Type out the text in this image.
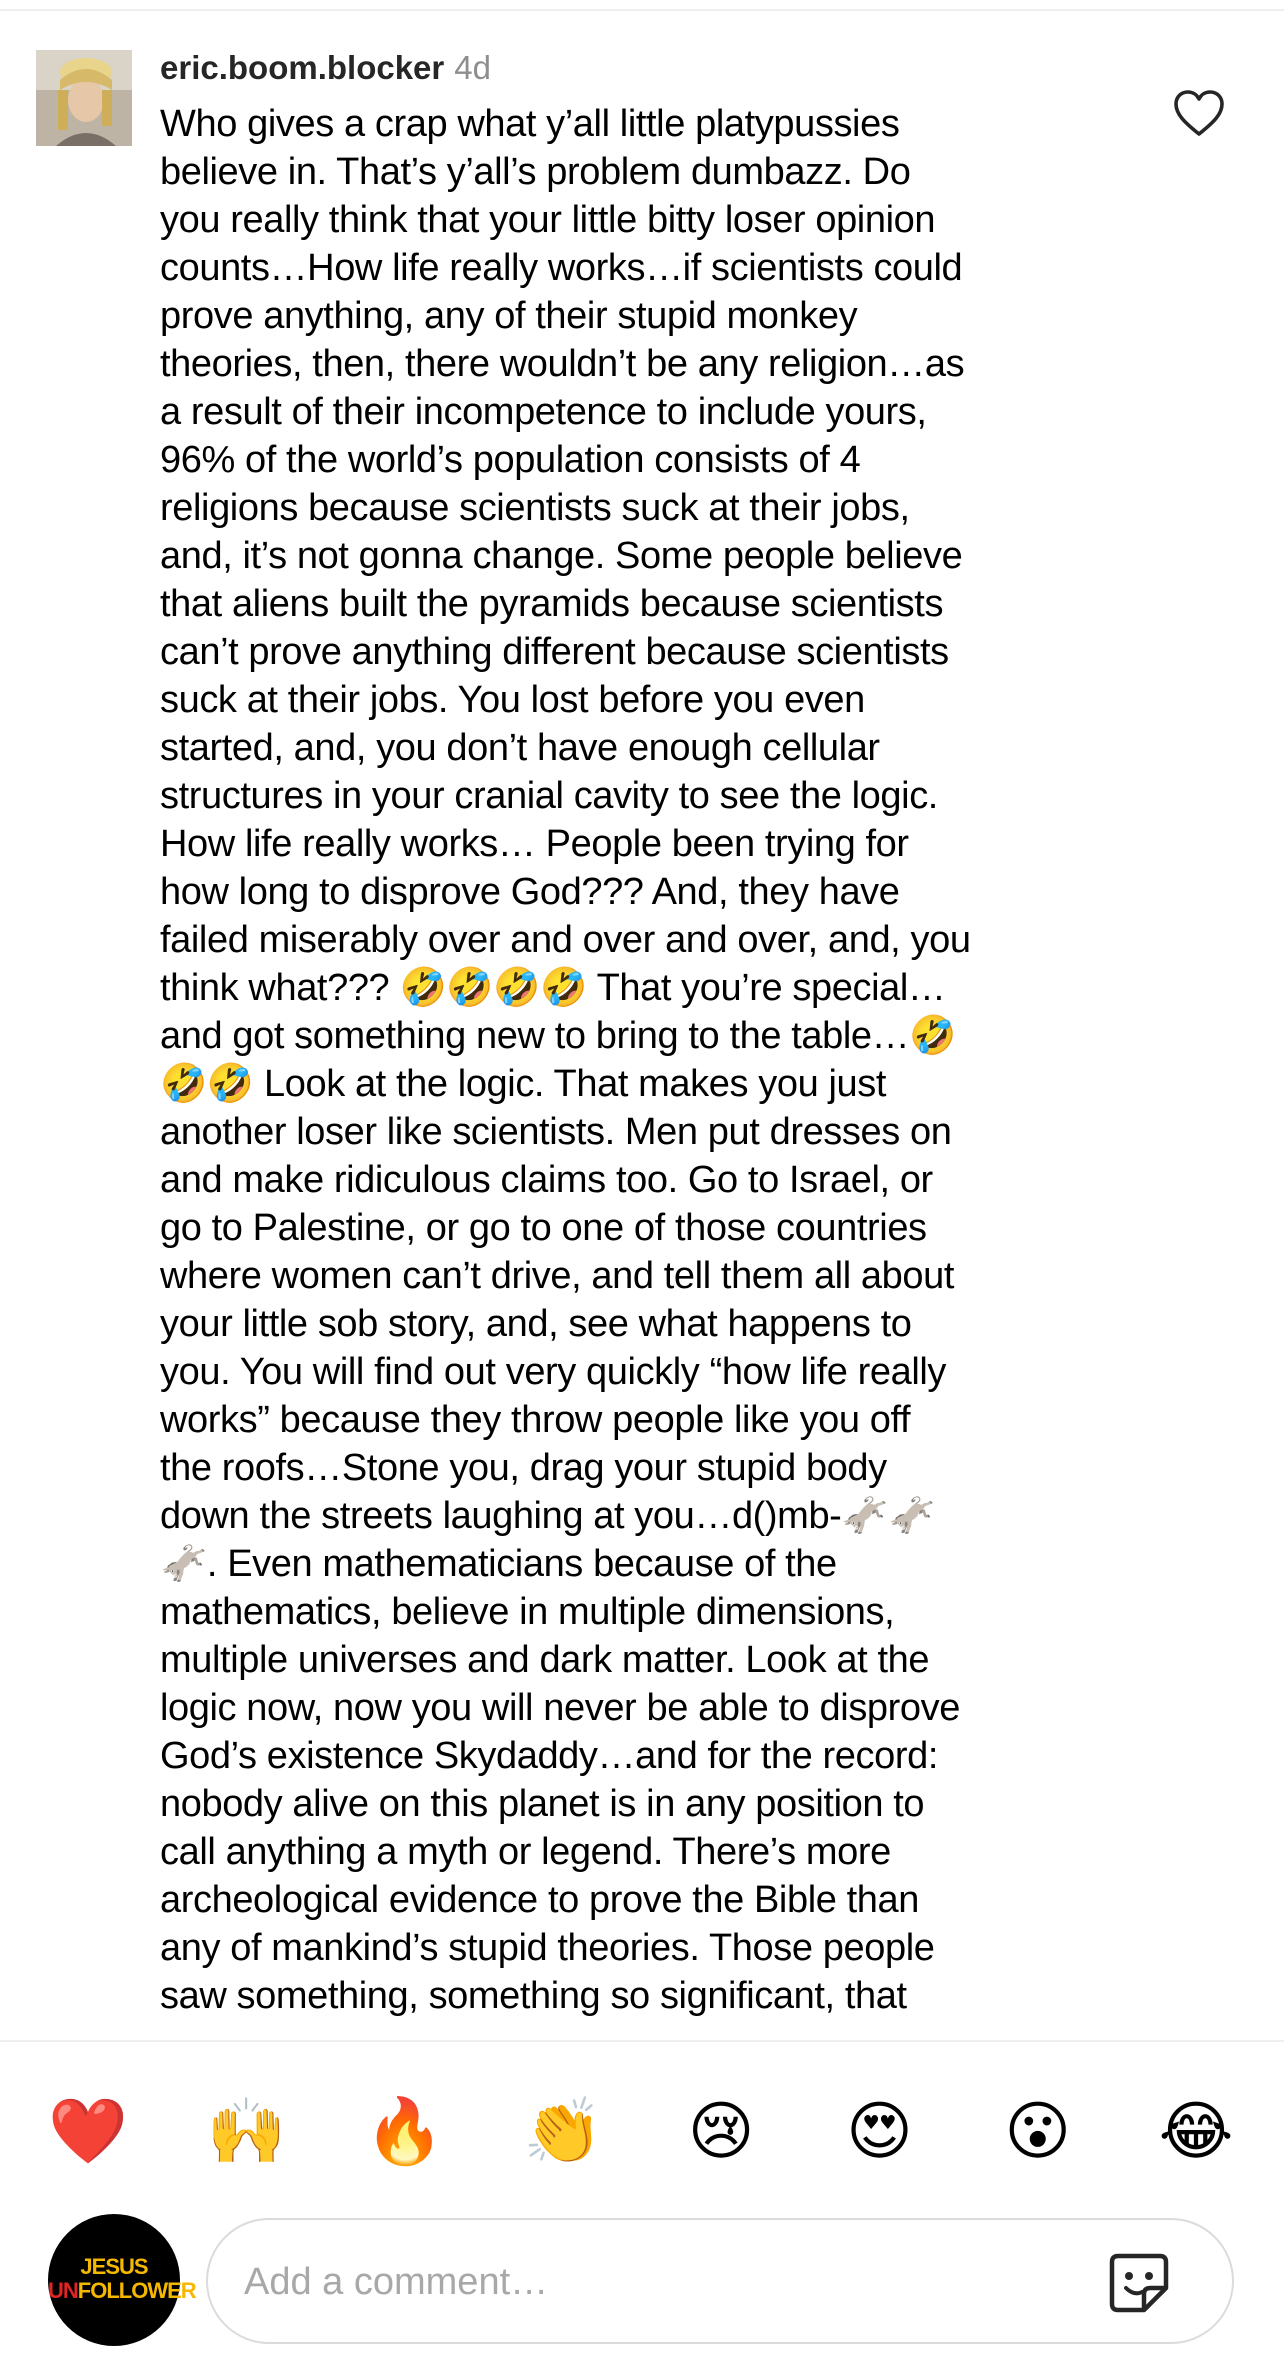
eric.boom.blocker 4d
Who gives a crap what y’all little platypussies
believe in. That’s y’all’s problem dumbazz. Do
you really think that your little bitty loser opinion
counts…How life really works…if scientists could
prove anything, any of their stupid monkey
theories, then, there wouldn’t be any religion…as
a result of their incompetence to include yours,
96% of the world’s population consists of 4
religions because scientists suck at their jobs,
and, it’s not gonna change. Some people believe
that aliens built the pyramids because scientists
can’t prove anything different because scientists
suck at their jobs. You lost before you even
started, and, you don’t have enough cellular
structures in your cranial cavity to see the logic.
How life really works… People been trying for
how long to disprove God??? And, they have
failed miserably over and over and over, and, you
think what??? 🤣🤣🤣🤣 That you’re special…
and got something new to bring to the table…🤣
🤣🤣 Look at the logic. That makes you just
another loser like scientists. Men put dresses on
and make ridiculous claims too. Go to Israel, or
go to Palestine, or go to one of those countries
where women can’t drive, and tell them all about
your little sob story, and, see what happens to
you. You will find out very quickly “how life really
works” because they throw people like you off
the roofs…Stone you, drag your stupid body
down the streets laughing at you…d()mb-🫏🫏
🫏. Even mathematicians because of the
mathematics, believe in multiple dimensions,
multiple universes and dark matter. Look at the
logic now, now you will never be able to disprove
God’s existence Skydaddy…and for the record:
nobody alive on this planet is in any position to
call anything a myth or legend. There’s more
archeological evidence to prove the Bible than
any of mankind’s stupid theories. Those people
saw something, something so significant, that
❤️ 🙌 🔥 👏 😢 😍 😮 😂
JESUS
UNFOLLOWER
Add a comment…
